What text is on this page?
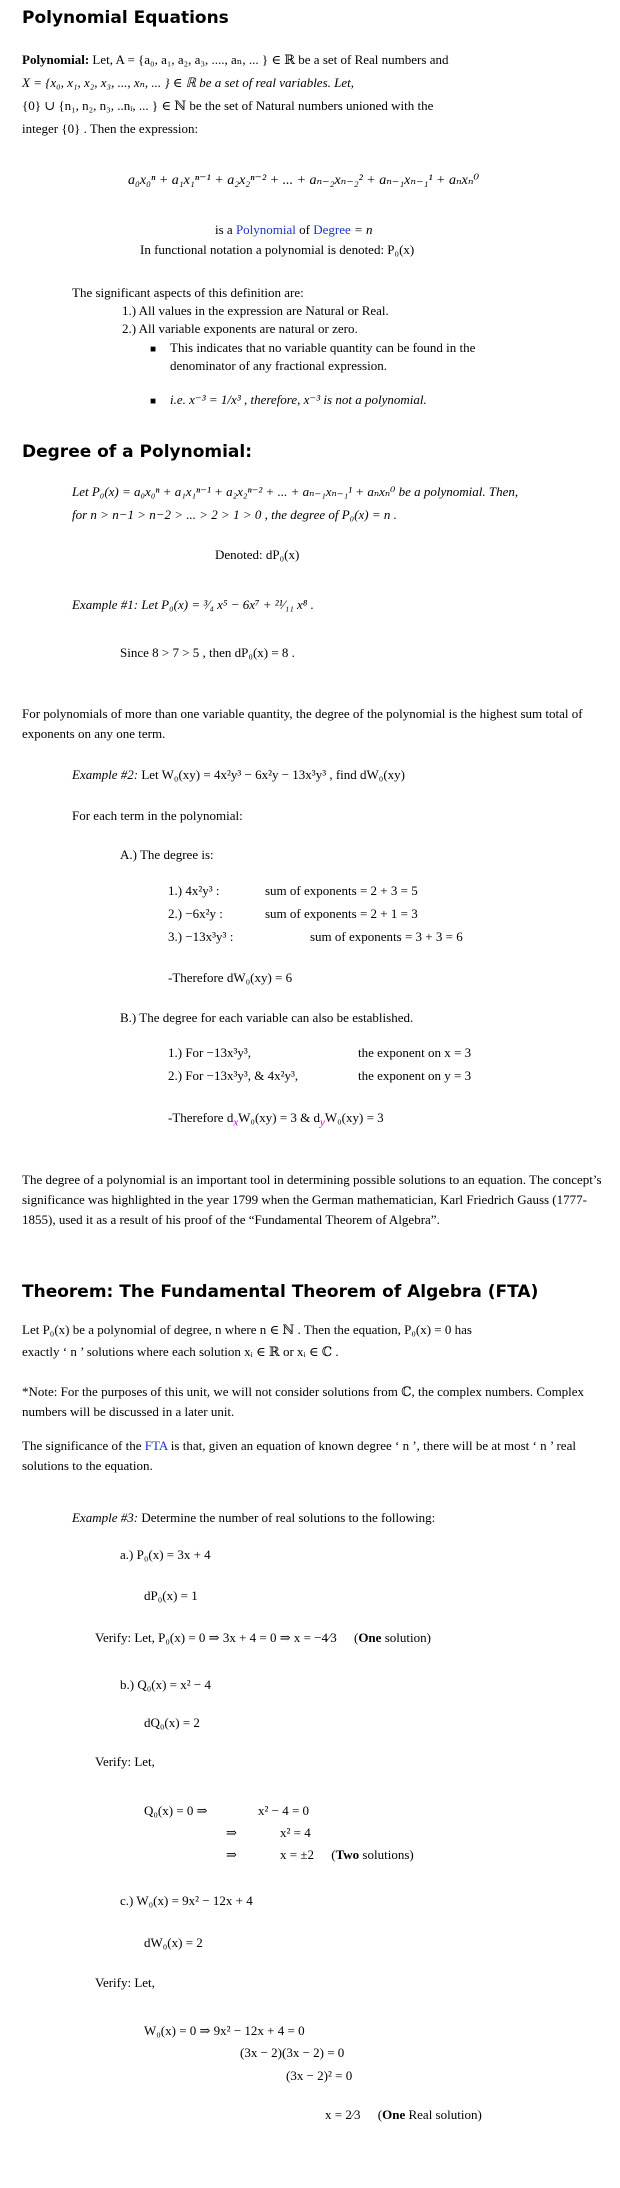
Polynomial Equations
Polynomial: Let, A = {a₀, a₁, a₂, a₃, ...., aₙ, ... } ∈ ℝ be a set of Real numbers and
X = {x₀, x₁, x₂, x₃, ..., xₙ, ... } ∈ ℝ be a set of real variables. Let,
{0} ∪ {n₁, n₂, n₃, ..nᵢ, ... } ∈ ℕ be the set of Natural numbers unioned with the
integer {0} . Then the expression:
a₀x₀ⁿ + a₁x₁ⁿ⁻¹ + a₂x₂ⁿ⁻² + ... + aₙ₋₂xₙ₋₂² + aₙ₋₁xₙ₋₁¹ + aₙxₙ⁰
is a Polynomial of Degree = n
In functional notation a polynomial is denoted: P₀(x)
The significant aspects of this definition are:
1.) All values in the expression are Natural or Real.
2.) All variable exponents are natural or zero.
■ This indicates that no variable quantity can be found in the
denominator of any fractional expression.
■ i.e. x⁻³ = 1/x³ , therefore, x⁻³ is not a polynomial.
Degree of a Polynomial:
Let P₀(x) = a₀x₀ⁿ + a₁x₁ⁿ⁻¹ + a₂x₂ⁿ⁻² + ... + aₙ₋₁xₙ₋₁¹ + aₙxₙ⁰ be a polynomial. Then,
for n > n−1 > n−2 > ... > 2 > 1 > 0 , the degree of P₀(x) = n .
Denoted: dP₀(x)
Example #1: Let P₀(x) = ³⁄₄ x⁵ − 6x⁷ + ²¹⁄₁₁ x⁸ .
Since 8 > 7 > 5 , then dP₀(x) = 8 .
For polynomials of more than one variable quantity, the degree of the polynomial is the highest sum total of exponents on any one term.
Example #2: Let W₀(xy) = 4x²y³ − 6x²y − 13x³y³ , find dW₀(xy)
For each term in the polynomial:
A.) The degree is:
1.) 4x²y³ :	sum of exponents = 2 + 3 = 5
2.) −6x²y :	sum of exponents = 2 + 1 = 3
3.) −13x³y³ :	sum of exponents = 3 + 3 = 6
-Therefore dW₀(xy) = 6
B.) The degree for each variable can also be established.
1.) For −13x³y³,	the exponent on x = 3
2.) For −13x³y³, & 4x²y³,	the exponent on y = 3
-Therefore $d_xW_0(xy) = 3$ & $d_yW_0(xy) = 3$
The degree of a polynomial is an important tool in determining possible solutions to an equation. The concept’s significance was highlighted in the year 1799 when the German mathematician, Karl Friedrich Gauss (1777-1855), used it as a result of his proof of the “Fundamental Theorem of Algebra”.
Theorem: The Fundamental Theorem of Algebra (FTA)
Let P₀(x) be a polynomial of degree, n where n ∈ ℕ . Then the equation, P₀(x) = 0 has
exactly ‘ n ’ solutions where each solution xᵢ ∈ ℝ or xᵢ ∈ ℂ .
*Note: For the purposes of this unit, we will not consider solutions from ℂ, the complex numbers. Complex numbers will be discussed in a later unit.
The significance of the FTA is that, given an equation of known degree ‘ n ’, there will be at most ‘ n ’ real solutions to the equation.
Example #3: Determine the number of real solutions to the following:
a.) P₀(x) = 3x + 4
dP₀(x) = 1
Verify: Let, P₀(x) = 0 ⇒ 3x + 4 = 0 ⇒ x = −4⁄3 (One solution)
b.) Q₀(x) = x² − 4
dQ₀(x) = 2
Verify: Let,
Q₀(x) = 0 ⇒	x² − 4 = 0
⇒	x² = 4
⇒	x = ±2 (Two solutions)
c.) W₀(x) = 9x² − 12x + 4
dW₀(x) = 2
Verify: Let,
W₀(x) = 0 ⇒ 9x² − 12x + 4 = 0
(3x − 2)(3x − 2) = 0
(3x − 2)² = 0
x = 2⁄3 (One Real solution)
